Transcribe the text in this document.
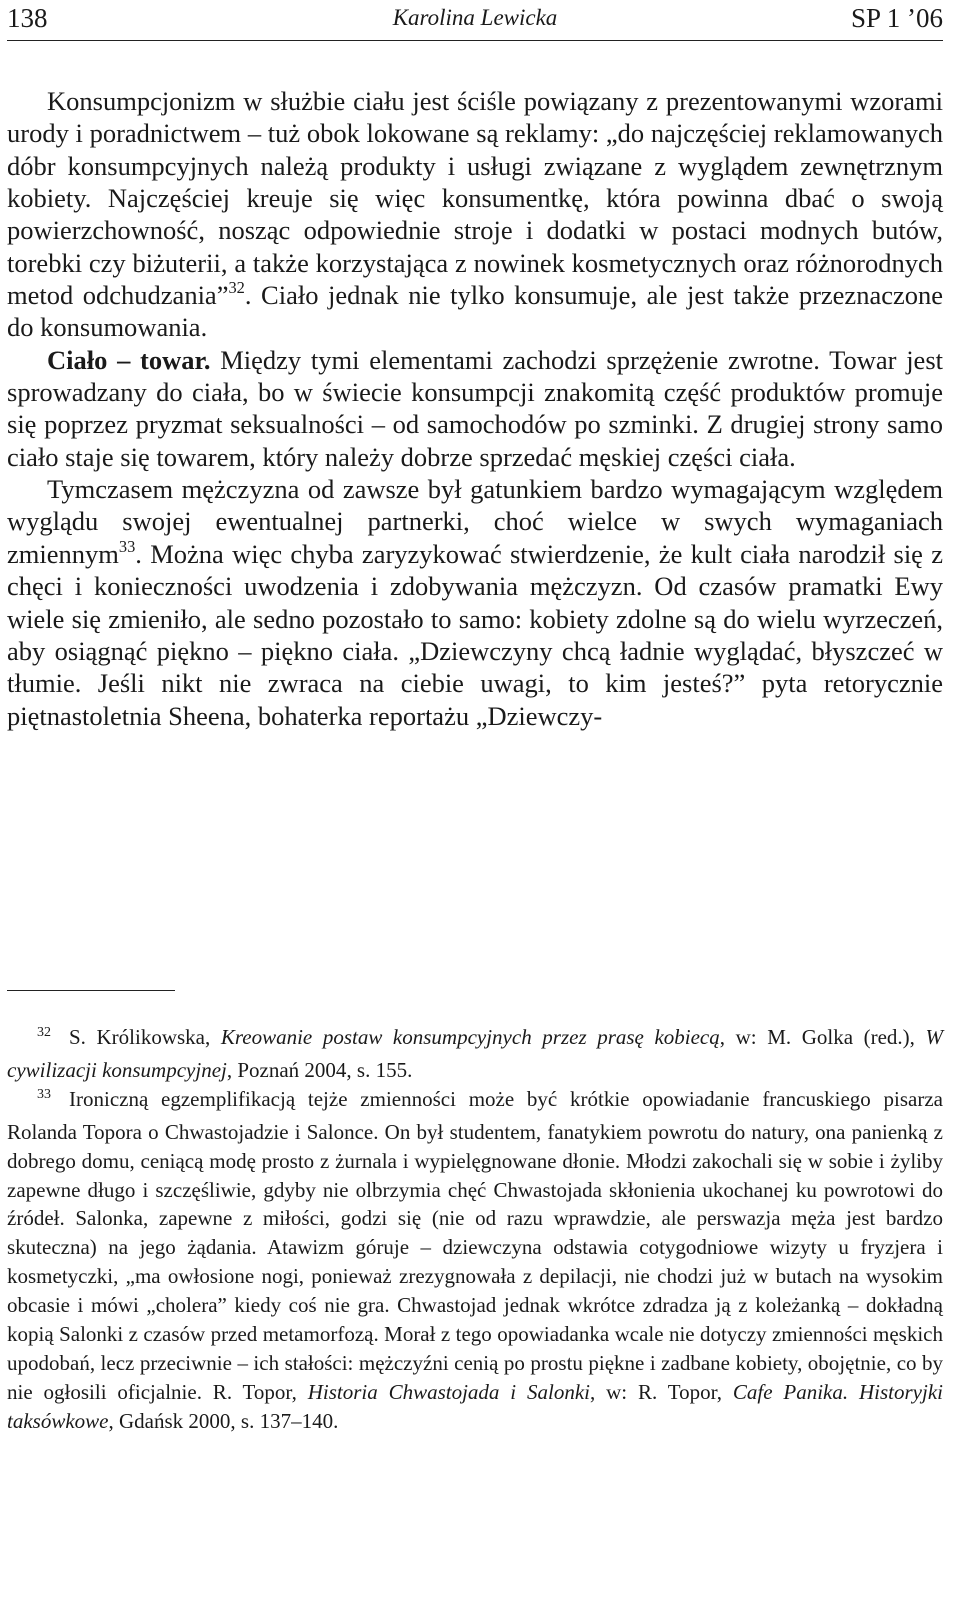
138	Karolina Lewicka	SP 1 ’06

Konsumpcjonizm w służbie ciału jest ściśle powiązany z prezentowanymi wzorami urody i poradnictwem – tuż obok lokowane są reklamy: „do najczęściej reklamowanych dóbr konsumpcyjnych należą produkty i usługi związane z wyglądem zewnętrznym kobiety. Najczęściej kreuje się więc konsumentkę, która powinna dbać o swoją powierzchowność, nosząc odpowiednie stroje i dodatki w postaci modnych butów, torebki czy biżuterii, a także korzystająca z nowinek kosmetycznych oraz różnorodnych metod odchudzania”$^{32}$. Ciało jednak nie tylko konsumuje, ale jest także przeznaczone do konsumowania.

Ciało – towar. Między tymi elementami zachodzi sprzężenie zwrotne. Towar jest sprowadzany do ciała, bo w świecie konsumpcji znakomitą część produktów promuje się poprzez pryzmat seksualności – od samochodów po szminki. Z drugiej strony samo ciało staje się towarem, który należy dobrze sprzedać męskiej części ciała.

Tymczasem mężczyzna od zawsze był gatunkiem bardzo wymagającym względem wyglądu swojej ewentualnej partnerki, choć wielce w swych wymaganiach zmiennym$^{33}$. Można więc chyba zaryzykować stwierdzenie, że kult ciała narodził się z chęci i konieczności uwodzenia i zdobywania mężczyzn. Od czasów pramatki Ewy wiele się zmieniło, ale sedno pozostało to samo: kobiety zdolne są do wielu wyrzeczeń, aby osiągnąć piękno – piękno ciała. „Dziewczyny chcą ładnie wyglądać, błyszczeć w tłumie. Jeśli nikt nie zwraca na ciebie uwagi, to kim jesteś?” pyta retorycznie piętnastoletnia Sheena, bohaterka reportażu „Dziewczy-

$^{32}$ S. Królikowska, Kreowanie postaw konsumpcyjnych przez prasę kobiecą, w: M. Golka (red.), W cywilizacji konsumpcyjnej, Poznań 2004, s. 155.

$^{33}$ Ironiczną egzemplifikacją tejże zmienności może być krótkie opowiadanie francuskiego pisarza Rolanda Topora o Chwastojadzie i Salonce. On był studentem, fanatykiem powrotu do natury, ona panienką z dobrego domu, ceniącą modę prosto z żurnala i wypielęgnowane dłonie. Młodzi zakochali się w sobie i żyliby zapewne długo i szczęśliwie, gdyby nie olbrzymia chęć Chwastojada skłonienia ukochanej ku powrotowi do źródeł. Salonka, zapewne z miłości, godzi się (nie od razu wprawdzie, ale perswazja męża jest bardzo skuteczna) na jego żądania. Atawizm góruje – dziewczyna odstawia cotygodniowe wizyty u fryzjera i kosmetyczki, „ma owłosione nogi, ponieważ zrezygnowała z depilacji, nie chodzi już w butach na wysokim obcasie i mówi „cholera” kiedy coś nie gra. Chwastojad jednak wkrótce zdradza ją z koleżanką – dokładną kopią Salonki z czasów przed metamorfozą. Morał z tego opowiadanka wcale nie dotyczy zmienności męskich upodobań, lecz przeciwnie – ich stałości: mężczyźni cenią po prostu piękne i zadbane kobiety, obojętnie, co by nie ogłosili oficjalnie. R. Topor, Historia Chwastojada i Salonki, w: R. Topor, Cafe Panika. Historyjki taksówkowe, Gdańsk 2000, s. 137–140.
